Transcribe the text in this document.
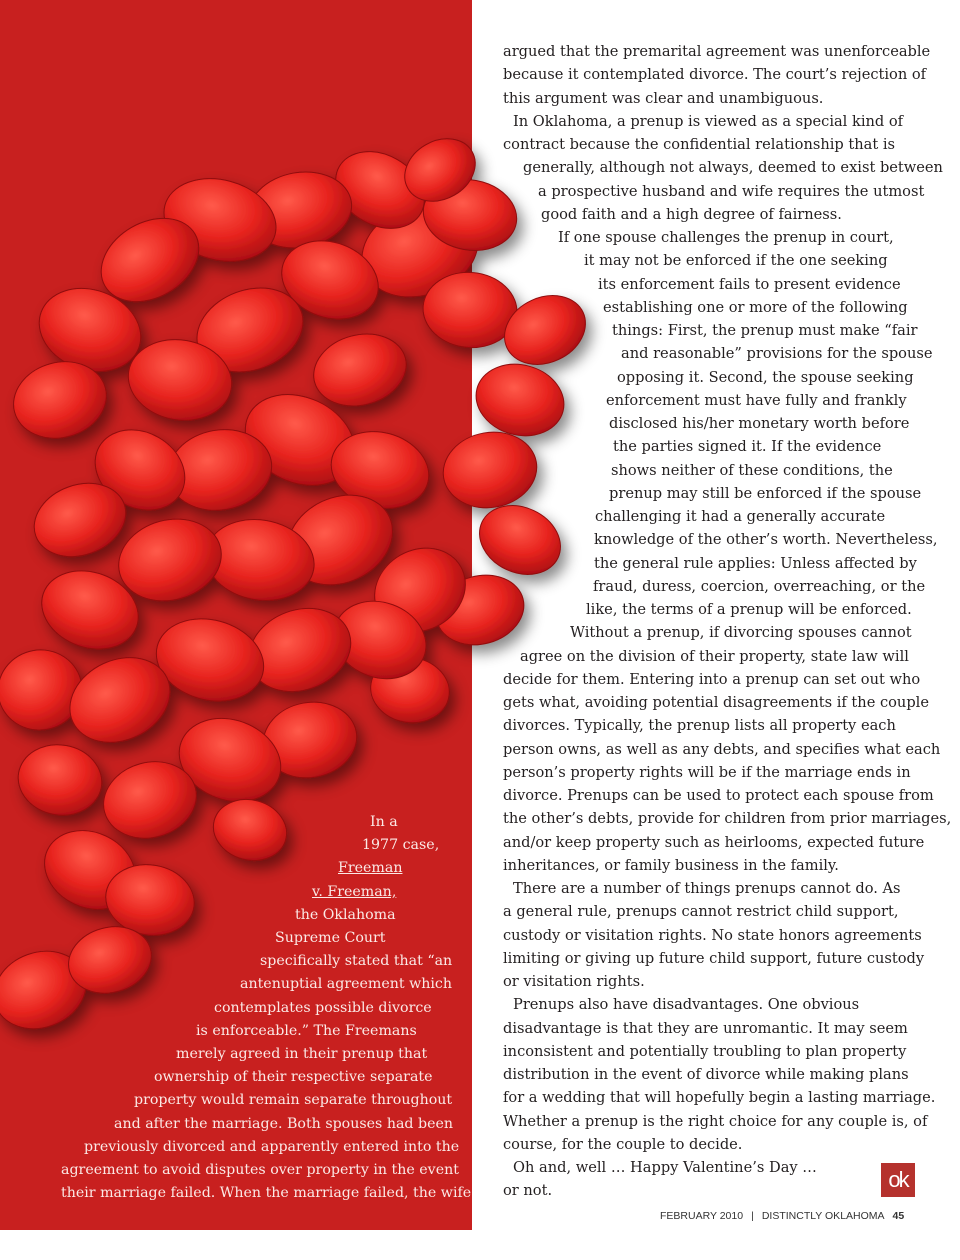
In a
1977 case,
Freeman
v. Freeman,
the Oklahoma
Supreme Court
specifically stated that “an
antenuptial agreement which
contemplates possible divorce
is enforceable.” The Freemans
merely agreed in their prenup that
ownership of their respective separate
property would remain separate throughout
and after the marriage. Both spouses had been
previously divorced and apparently entered into the
agreement to avoid disputes over property in the event
their marriage failed. When the marriage failed, the wife
argued that the premarital agreement was unenforceable
because it contemplated divorce. The court’s rejection of
this argument was clear and unambiguous.
In Oklahoma, a prenup is viewed as a special kind of
contract because the confidential relationship that is
generally, although not always, deemed to exist between
a prospective husband and wife requires the utmost
good faith and a high degree of fairness.
If one spouse challenges the prenup in court,
it may not be enforced if the one seeking
its enforcement fails to present evidence
establishing one or more of the following
things: First, the prenup must make “fair
and reasonable” provisions for the spouse
opposing it. Second, the spouse seeking
enforcement must have fully and frankly
disclosed his/her monetary worth before
the parties signed it. If the evidence
shows neither of these conditions, the
prenup may still be enforced if the spouse
challenging it had a generally accurate
knowledge of the other’s worth. Nevertheless,
the general rule applies: Unless affected by
fraud, duress, coercion, overreaching, or the
like, the terms of a prenup will be enforced.
Without a prenup, if divorcing spouses cannot
agree on the division of their property, state law will
decide for them. Entering into a prenup can set out who
gets what, avoiding potential disagreements if the couple
divorces. Typically, the prenup lists all property each
person owns, as well as any debts, and specifies what each
person’s property rights will be if the marriage ends in
divorce. Prenups can be used to protect each spouse from
the other’s debts, provide for children from prior marriages,
and/or keep property such as heirlooms, expected future
inheritances, or family business in the family.
There are a number of things prenups cannot do. As
a general rule, prenups cannot restrict child support,
custody or visitation rights. No state honors agreements
limiting or giving up future child support, future custody
or visitation rights.
Prenups also have disadvantages. One obvious
disadvantage is that they are unromantic. It may seem
inconsistent and potentially troubling to plan property
distribution in the event of divorce while making plans
for a wedding that will hopefully begin a lasting marriage.
Whether a prenup is the right choice for any couple is, of
course, for the couple to decide.
Oh and, well … Happy Valentine’s Day …
or not.	ok
FEBRUARY 2010 | DISTINCTLY OKLAHOMA 45
